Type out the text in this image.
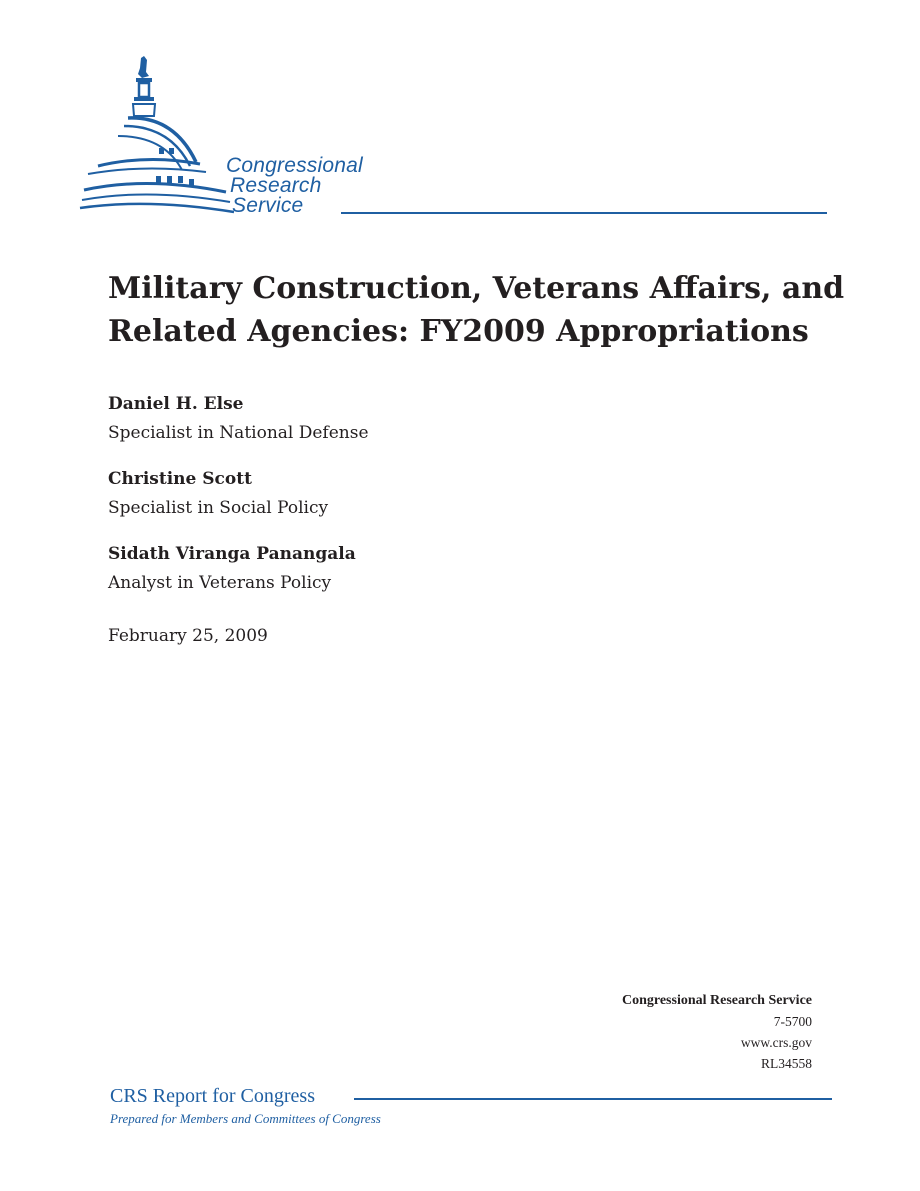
Congressional
Research
Service
Military Construction, Veterans Affairs, and Related Agencies: FY2009 Appropriations
Daniel H. Else
Specialist in National Defense
Christine Scott
Specialist in Social Policy
Sidath Viranga Panangala
Analyst in Veterans Policy
February 25, 2009
Congressional Research Service
7-5700
www.crs.gov
RL34558
CRS Report for Congress
Prepared for Members and Committees of Congress
